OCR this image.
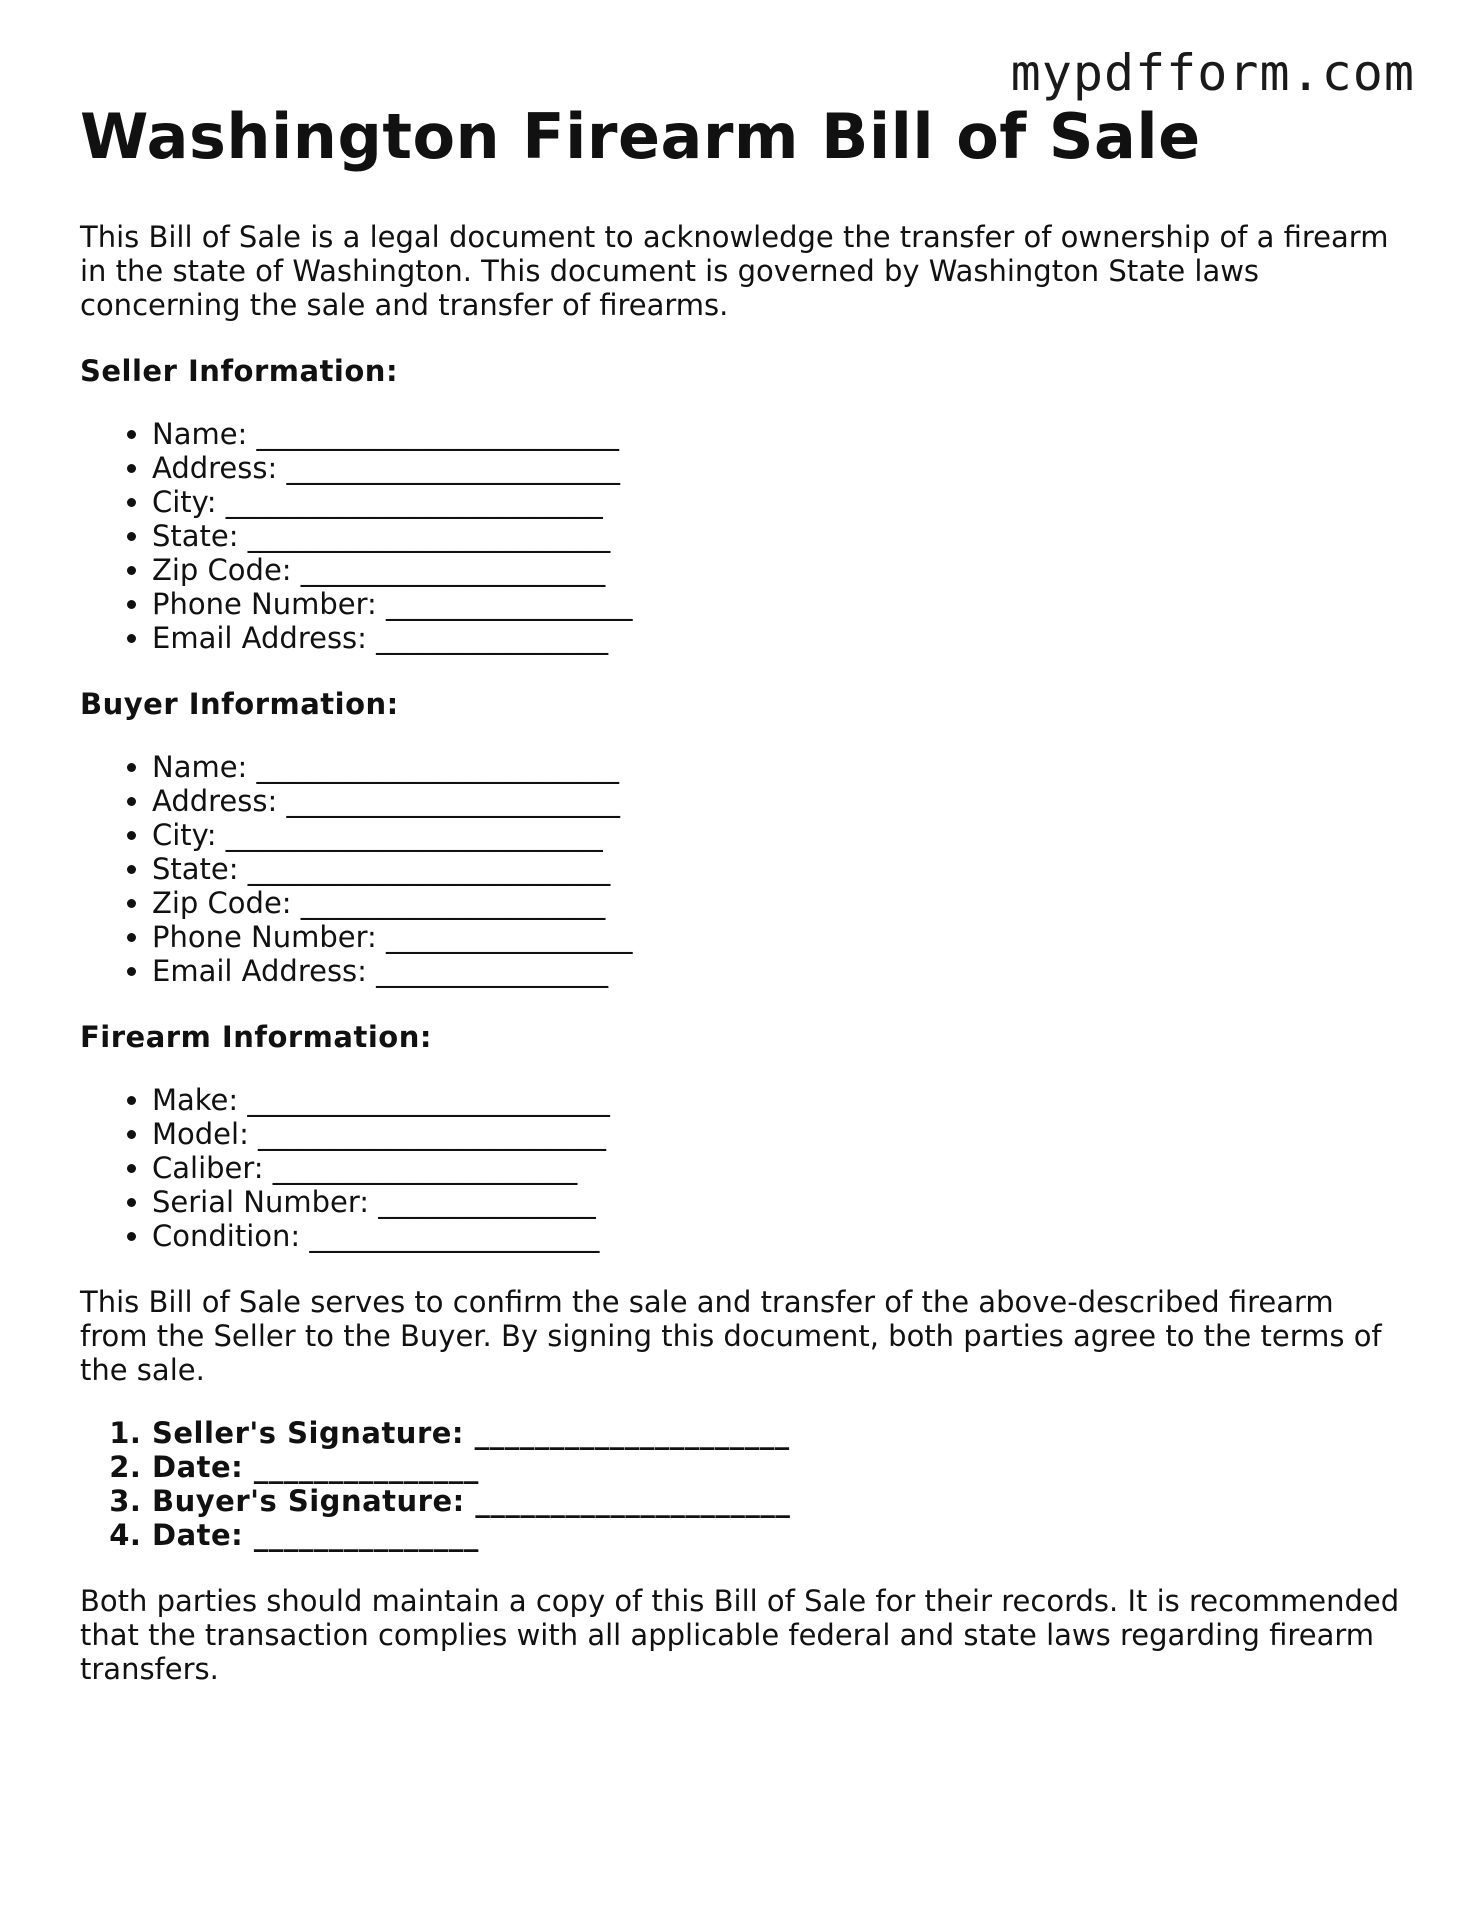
mypdfform.com
Washington Firearm Bill of Sale

This Bill of Sale is a legal document to acknowledge the transfer of ownership of a firearm in the state of Washington. This document is governed by Washington State laws concerning the sale and transfer of firearms.

Seller Information:
• Name: _________________________
• Address: _______________________
• City: __________________________
• State: _________________________
• Zip Code: _____________________
• Phone Number: _________________
• Email Address: ________________
Buyer Information:
• Name: _________________________
• Address: _______________________
• City: __________________________
• State: _________________________
• Zip Code: _____________________
• Phone Number: _________________
• Email Address: ________________
Firearm Information:
• Make: _________________________
• Model: ________________________
• Caliber: _____________________
• Serial Number: _______________
• Condition: ____________________

This Bill of Sale serves to confirm the sale and transfer of the above-described firearm from the Seller to the Buyer. By signing this document, both parties agree to the terms of the sale.

1. Seller's Signature: _____________________
2. Date: _______________
3. Buyer's Signature: _____________________
4. Date: _______________

Both parties should maintain a copy of this Bill of Sale for their records. It is recommended that the transaction complies with all applicable federal and state laws regarding firearm transfers.
